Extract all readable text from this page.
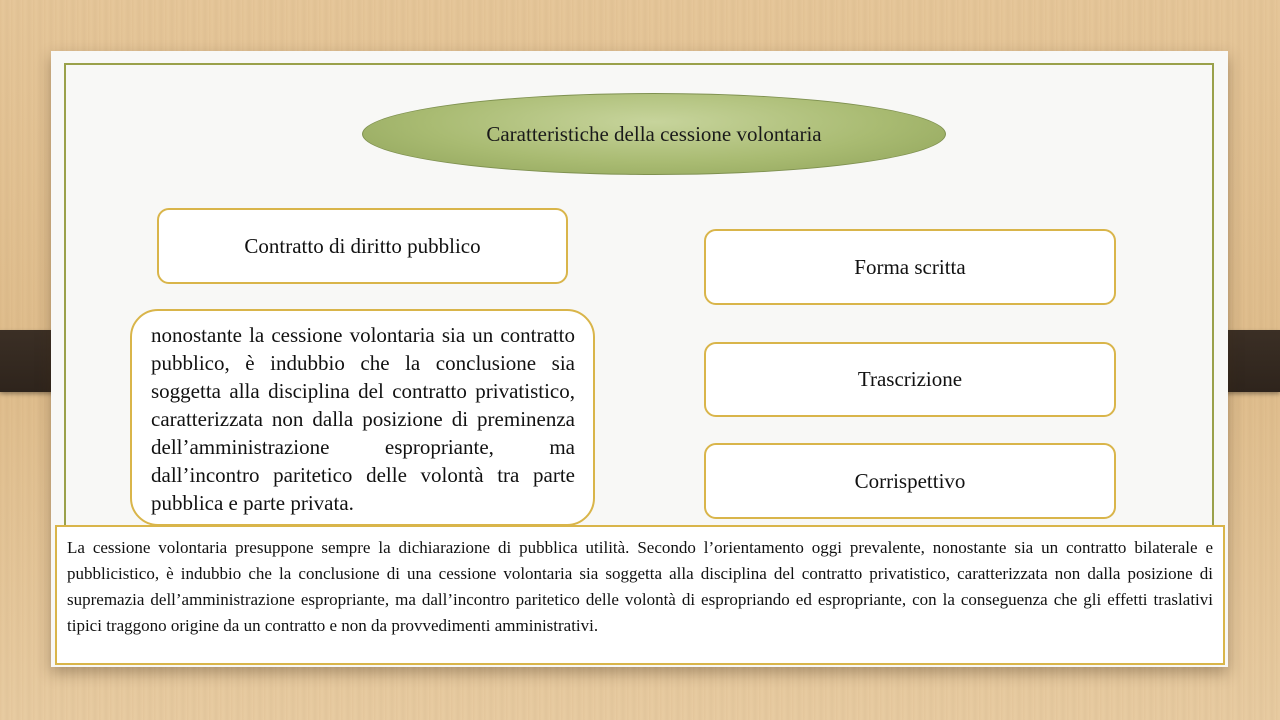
Caratteristiche della cessione volontaria
Contratto di diritto pubblico
nonostante la cessione volontaria sia un contratto pubblico, è indubbio che la conclusione sia soggetta alla disciplina del contratto privatistico, caratterizzata non dalla posizione di preminenza dell’amministrazione espropriante, ma dall’incontro paritetico delle volontà tra parte pubblica e parte privata.
Forma scritta
Trascrizione
Corrispettivo
La cessione volontaria presuppone sempre la dichiarazione di pubblica utilità. Secondo l’orientamento oggi prevalente, nonostante sia un contratto bilaterale e pubblicistico, è indubbio che la conclusione di una cessione volontaria sia soggetta alla disciplina del contratto privatistico, caratterizzata non dalla posizione di supremazia dell’amministrazione espropriante, ma dall’incontro paritetico delle volontà di espropriando ed espropriante, con la conseguenza che gli effetti traslativi tipici traggono origine da un contratto e non da provvedimenti amministrativi.
